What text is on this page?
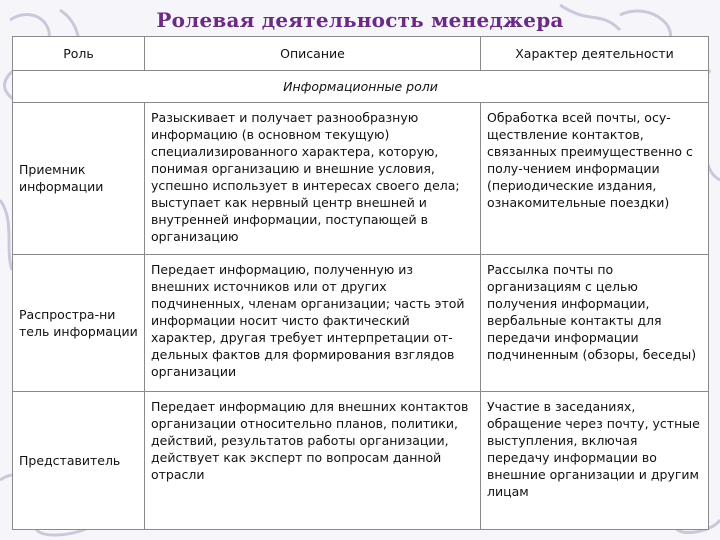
Ролевая деятельность менеджера
Роль	Описание	Характер деятельности
Информационные роли		
Приемник информации	Разыскивает и получает разнообразную информацию (в основном текущую) специализированного характера, которую, понимая организацию и внешние условия, успешно использует в интересах своего дела; выступает как нервный центр внешней и внутренней информации, поступающей в организацию	Обработка всей почты, осу-ществление контактов, связанных преимущественно с полу-чением информации (периодические издания, ознакомительные поездки)
Распростра-ни тель информации	Передает информацию, полученную из внешних источников или от других подчиненных, членам организации; часть этой информации носит чисто фактический характер, другая требует интерпретации от-дельных фактов для формирования взглядов организации	Рассылка почты по организациям с целью получения информации, вербальные контакты для передачи информации подчиненным (обзоры, беседы)
Представитель	Передает информацию для внешних контактов организации относительно планов, политики, действий, результатов работы организации, действует как эксперт по вопросам данной отрасли	Участие в заседаниях, обращение через почту, устные выступления, включая передачу информации во внешние организации и другим лицам
